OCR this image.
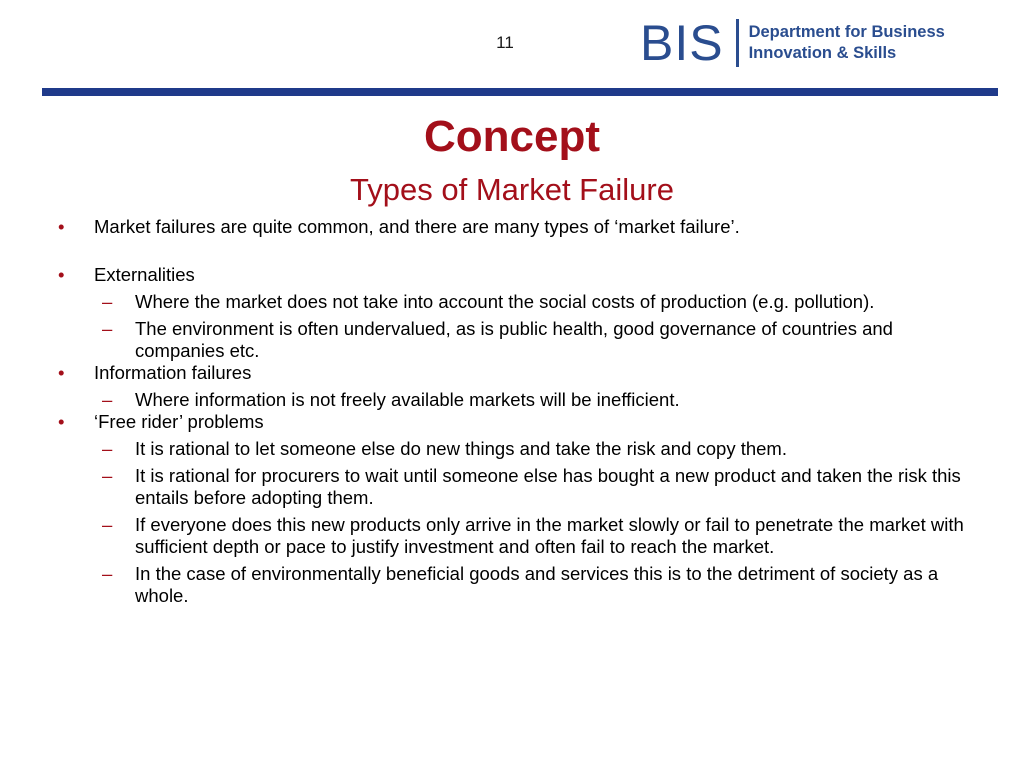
11	BIS Department for Business
Innovation & Skills
Concept
Types of Market Failure
•	Market failures are quite common, and there are many types of ‘market failure’.
•	Externalities
–	Where the market does not take into account the social costs of production (e.g. pollution).
–	The environment is often undervalued, as is public health, good governance of countries and companies etc.
•	Information failures
–	Where information is not freely available markets will be inefficient.
•	‘Free rider’ problems
–	It is rational to let someone else do new things and take the risk and copy them.
–	It is rational for procurers to wait until someone else has bought a new product and taken the risk this entails before adopting them.
–	If everyone does this new products only arrive in the market slowly or fail to penetrate the market with sufficient depth or pace to justify investment and often fail to reach the market.
–	In the case of environmentally beneficial goods and services this is to the detriment of society as a whole.
